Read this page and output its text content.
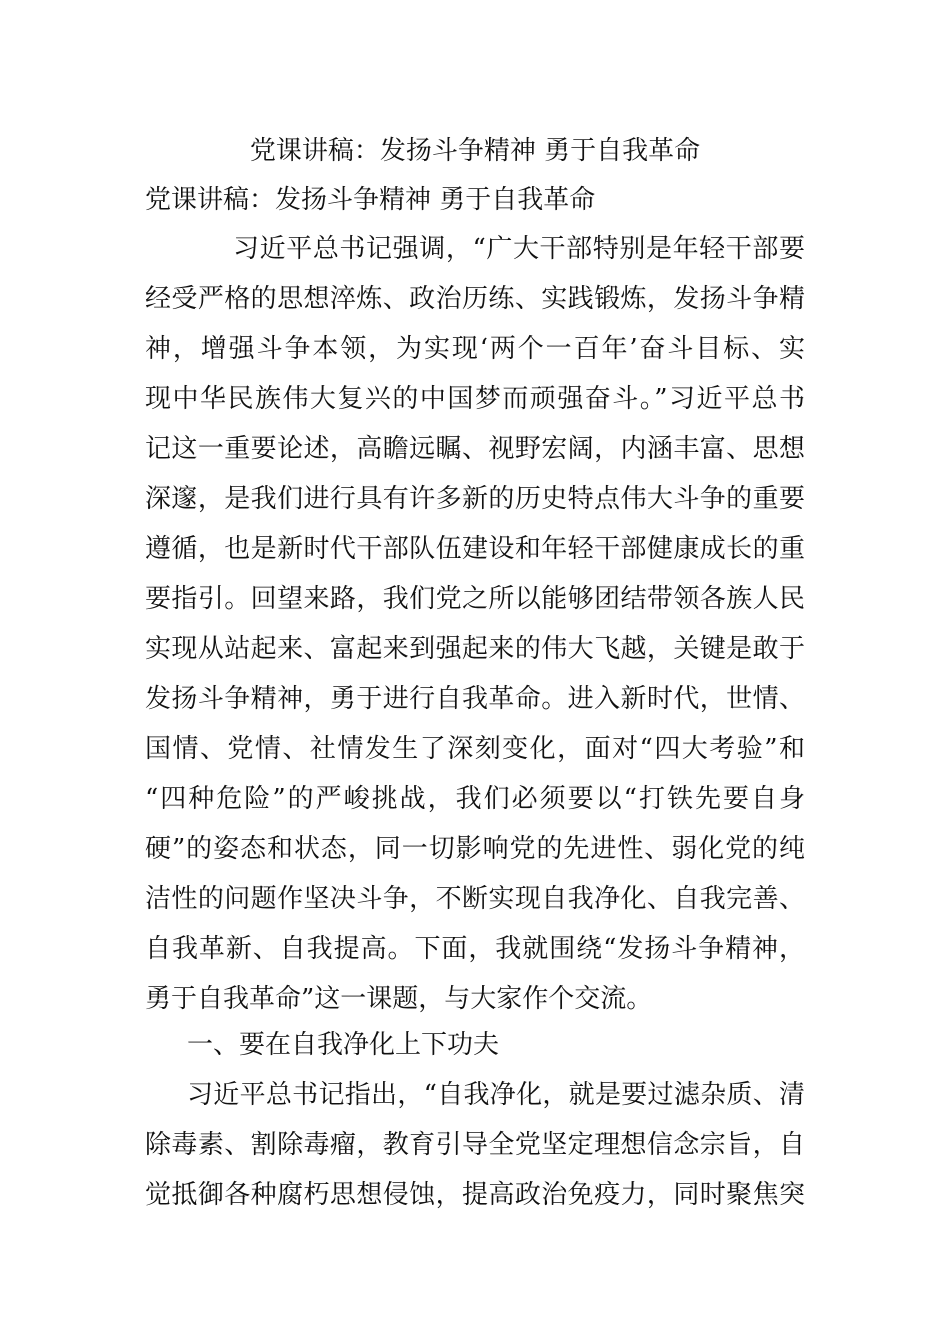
党课讲稿：发扬斗争精神 勇于自我革命
党课讲稿：发扬斗争精神 勇于自我革命
习近平总书记强调，“广大干部特别是年轻干部要
经受严格的思想淬炼、政治历练、实践锻炼，发扬斗争精
神，增强斗争本领，为实现‘两个一百年’奋斗目标、实
现中华民族伟大复兴的中国梦而顽强奋斗。”习近平总书
记这一重要论述，高瞻远瞩、视野宏阔，内涵丰富、思想
深邃，是我们进行具有许多新的历史特点伟大斗争的重要
遵循，也是新时代干部队伍建设和年轻干部健康成长的重
要指引。回望来路，我们党之所以能够团结带领各族人民
实现从站起来、富起来到强起来的伟大飞越，关键是敢于
发扬斗争精神，勇于进行自我革命。进入新时代，世情、
国情、党情、社情发生了深刻变化，面对“四大考验”和
“四种危险”的严峻挑战，我们必须要以“打铁先要自身
硬”的姿态和状态，同一切影响党的先进性、弱化党的纯
洁性的问题作坚决斗争，不断实现自我净化、自我完善、
自我革新、自我提高。下面，我就围绕“发扬斗争精神，
勇于自我革命”这一课题，与大家作个交流。
一、要在自我净化上下功夫
习近平总书记指出，“自我净化，就是要过滤杂质、清
除毒素、割除毒瘤，教育引导全党坚定理想信念宗旨，自
觉抵御各种腐朽思想侵蚀，提高政治免疫力，同时聚焦突
